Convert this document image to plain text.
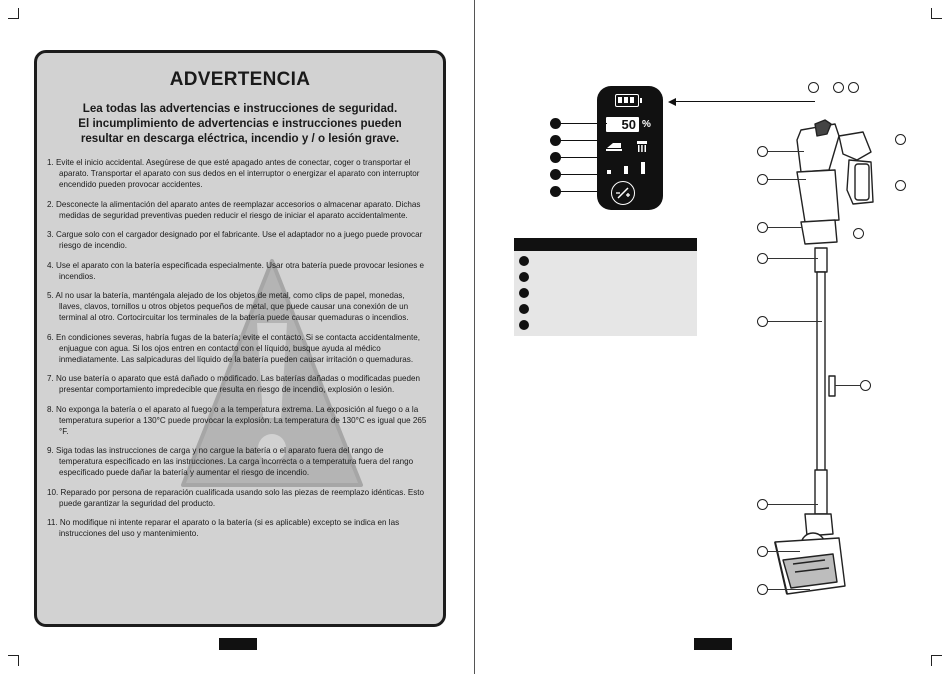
ADVERTENCIA
Lea todas las advertencias e instrucciones de seguridad. El incumplimiento de advertencias e instrucciones pueden resultar en descarga eléctrica, incendio y / o lesión grave.
1. Evite el inicio accidental. Asegúrese de que esté apagado antes de conectar, coger o transportar el aparato. Transportar el aparato con sus dedos en el interruptor o energizar el aparato con interruptor encendido pueden provocar accidentes.
2. Desconecte la alimentación del aparato antes de reemplazar accesorios o almacenar aparato. Dichas medidas de seguridad preventivas pueden reducir el riesgo de iniciar el aparato accidentalmente.
3. Cargue solo con el cargador designado por el fabricante. Use el adaptador no a juego puede provocar riesgo de incendio.
4. Use el aparato con la batería especificada especialmente. Usar otra batería puede provocar lesiones e incendios.
5. Al no usar la batería, manténgala alejado de los objetos de metal, como clips de papel, monedas, llaves, clavos, tornillos u otros objetos pequeños de metal, que puede causar una conexión de un terminal al otro. Cortocircuitar los terminales de la batería puede causar quemaduras o incendios.
6. En condiciones severas, habría fugas de la batería; evite el contacto. Si se contacta accidentalmente, enjuague con agua. Si los ojos entren en contacto con el líquido, busque ayuda al médico inmediatamente. Las salpicaduras del líquido de la batería pueden causar irritación o quemaduras.
7. No use batería o aparato que está dañado o modificado. Las baterías dañadas o modificadas pueden presentar comportamiento impredecible que resulta en riesgo de incendio, explosión o lesión.
8. No exponga la batería o el aparato al fuego o a la temperatura extrema. La exposición al fuego o a la temperatura superior a 130°C puede provocar la explosión. La temperatura de 130°C es igual que 265 °F.
9. Siga todas las instrucciones de carga y no cargue la batería o el aparato fuera del rango de temperatura especificado en las instrucciones. La carga incorrecta o a temperatura fuera del rango especificado puede dañar la batería y aumentar el riesgo de incendio.
10. Reparado por persona de reparación cualificada usando solo las piezas de reemplazo idénticas. Esto puede garantizar la seguridad del producto.
11. No modifique ni intente reparar el aparato o la batería (si es aplicable) excepto se indica en las instrucciones del uso y mantenimiento.
50 %
